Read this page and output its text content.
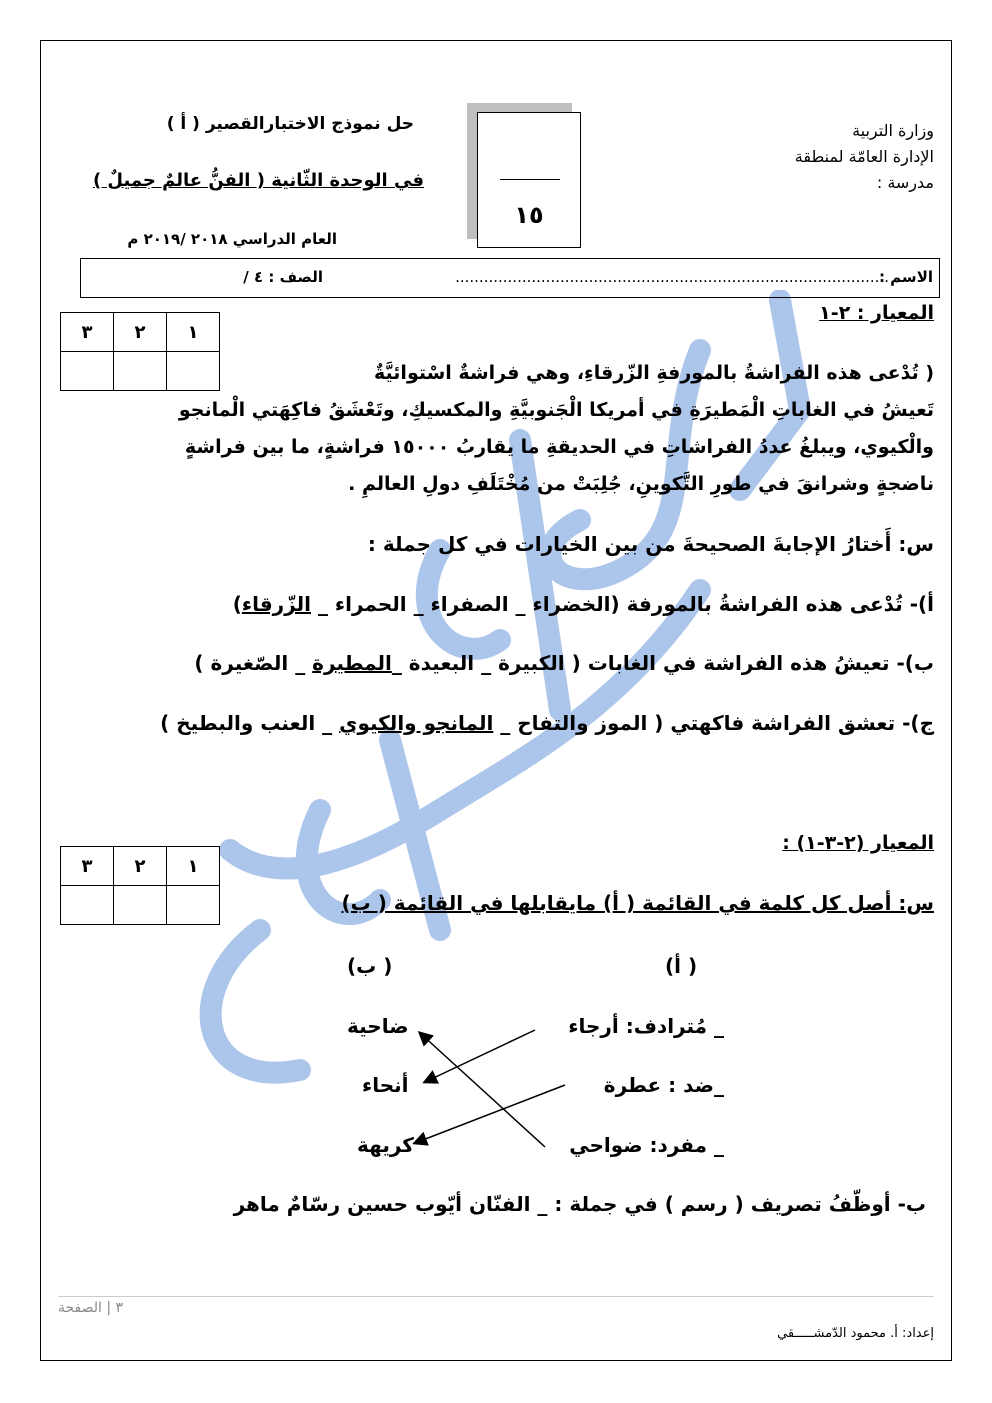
وزارة التربية
الإدارة العامّة لمنطقة
مدرسة :
١٥
حل نموذج الاختبارالقصير ( أ )
في الوحدة الثّانية ( الفنُّ عالمٌ جميلٌ )
العام الدراسي ٢٠١٨ /٢٠١٩ م
الاسم :
...........................................................................................
الصف : ٤ /
٣	٢	١

المعيار : ٢-١
( تُدْعى هذه الفراشةُ بالمورفةِ الزّرقاءِ، وهي فراشةٌ اسْتوائيَّةٌ
تَعيشُ في الغاباتِ الْمَطيرَةِ في أمريكا الْجَنوبيَّةِ والمكسيكِ، وتَعْشَقُ فاكِهَتي الْمانجو
والْكيوي، ويبلغُ عددُ الفراشاتِ في الحديقةِ ما يقاربُ ١٥٠٠٠ فراشةٍ، ما بين فراشةٍ
ناضجةٍ وشرانقَ في طورِ التَّكوينِ، جُلِبَتْ من مُخْتَلَفِ دولِ العالمِ .
س: أَختارُ الإجابةَ الصحيحةَ من بين الخيارات في كل جملة :
أ)- تُدْعى هذه الفراشةُ بالمورفة (الخضراء _ الصفراء _ الحمراء _ الزّرقاء)
ب)- تعيشُ هذه الفراشة في الغابات ( الكبيرة _ البعيدة _المطيرة _ الصّغيرة )
ج)- تعشق الفراشة فاكهتي ( الموز والتفاح _ المانجو والكيوي _ العنب والبطيخ )
٣	٢	١

المعيار (٢-٣-١) :
س: أصل كل كلمة في القائمة ( أ) مايقابلها في القائمة ( ب)
( أ)
( ب)
_ مُترادف: أرجاء
_ضد : عطرة
_ مفرد: ضواحي
ضاحية
أنحاء
كريهة
ب- أوظّفُ تصريف ( رسم ) في جملة : _ الفنّان أيّوب حسين رسّامٌ ماهر
٣ | الصفحة
إعداد: أ. محمود الدّمشـــــقي
